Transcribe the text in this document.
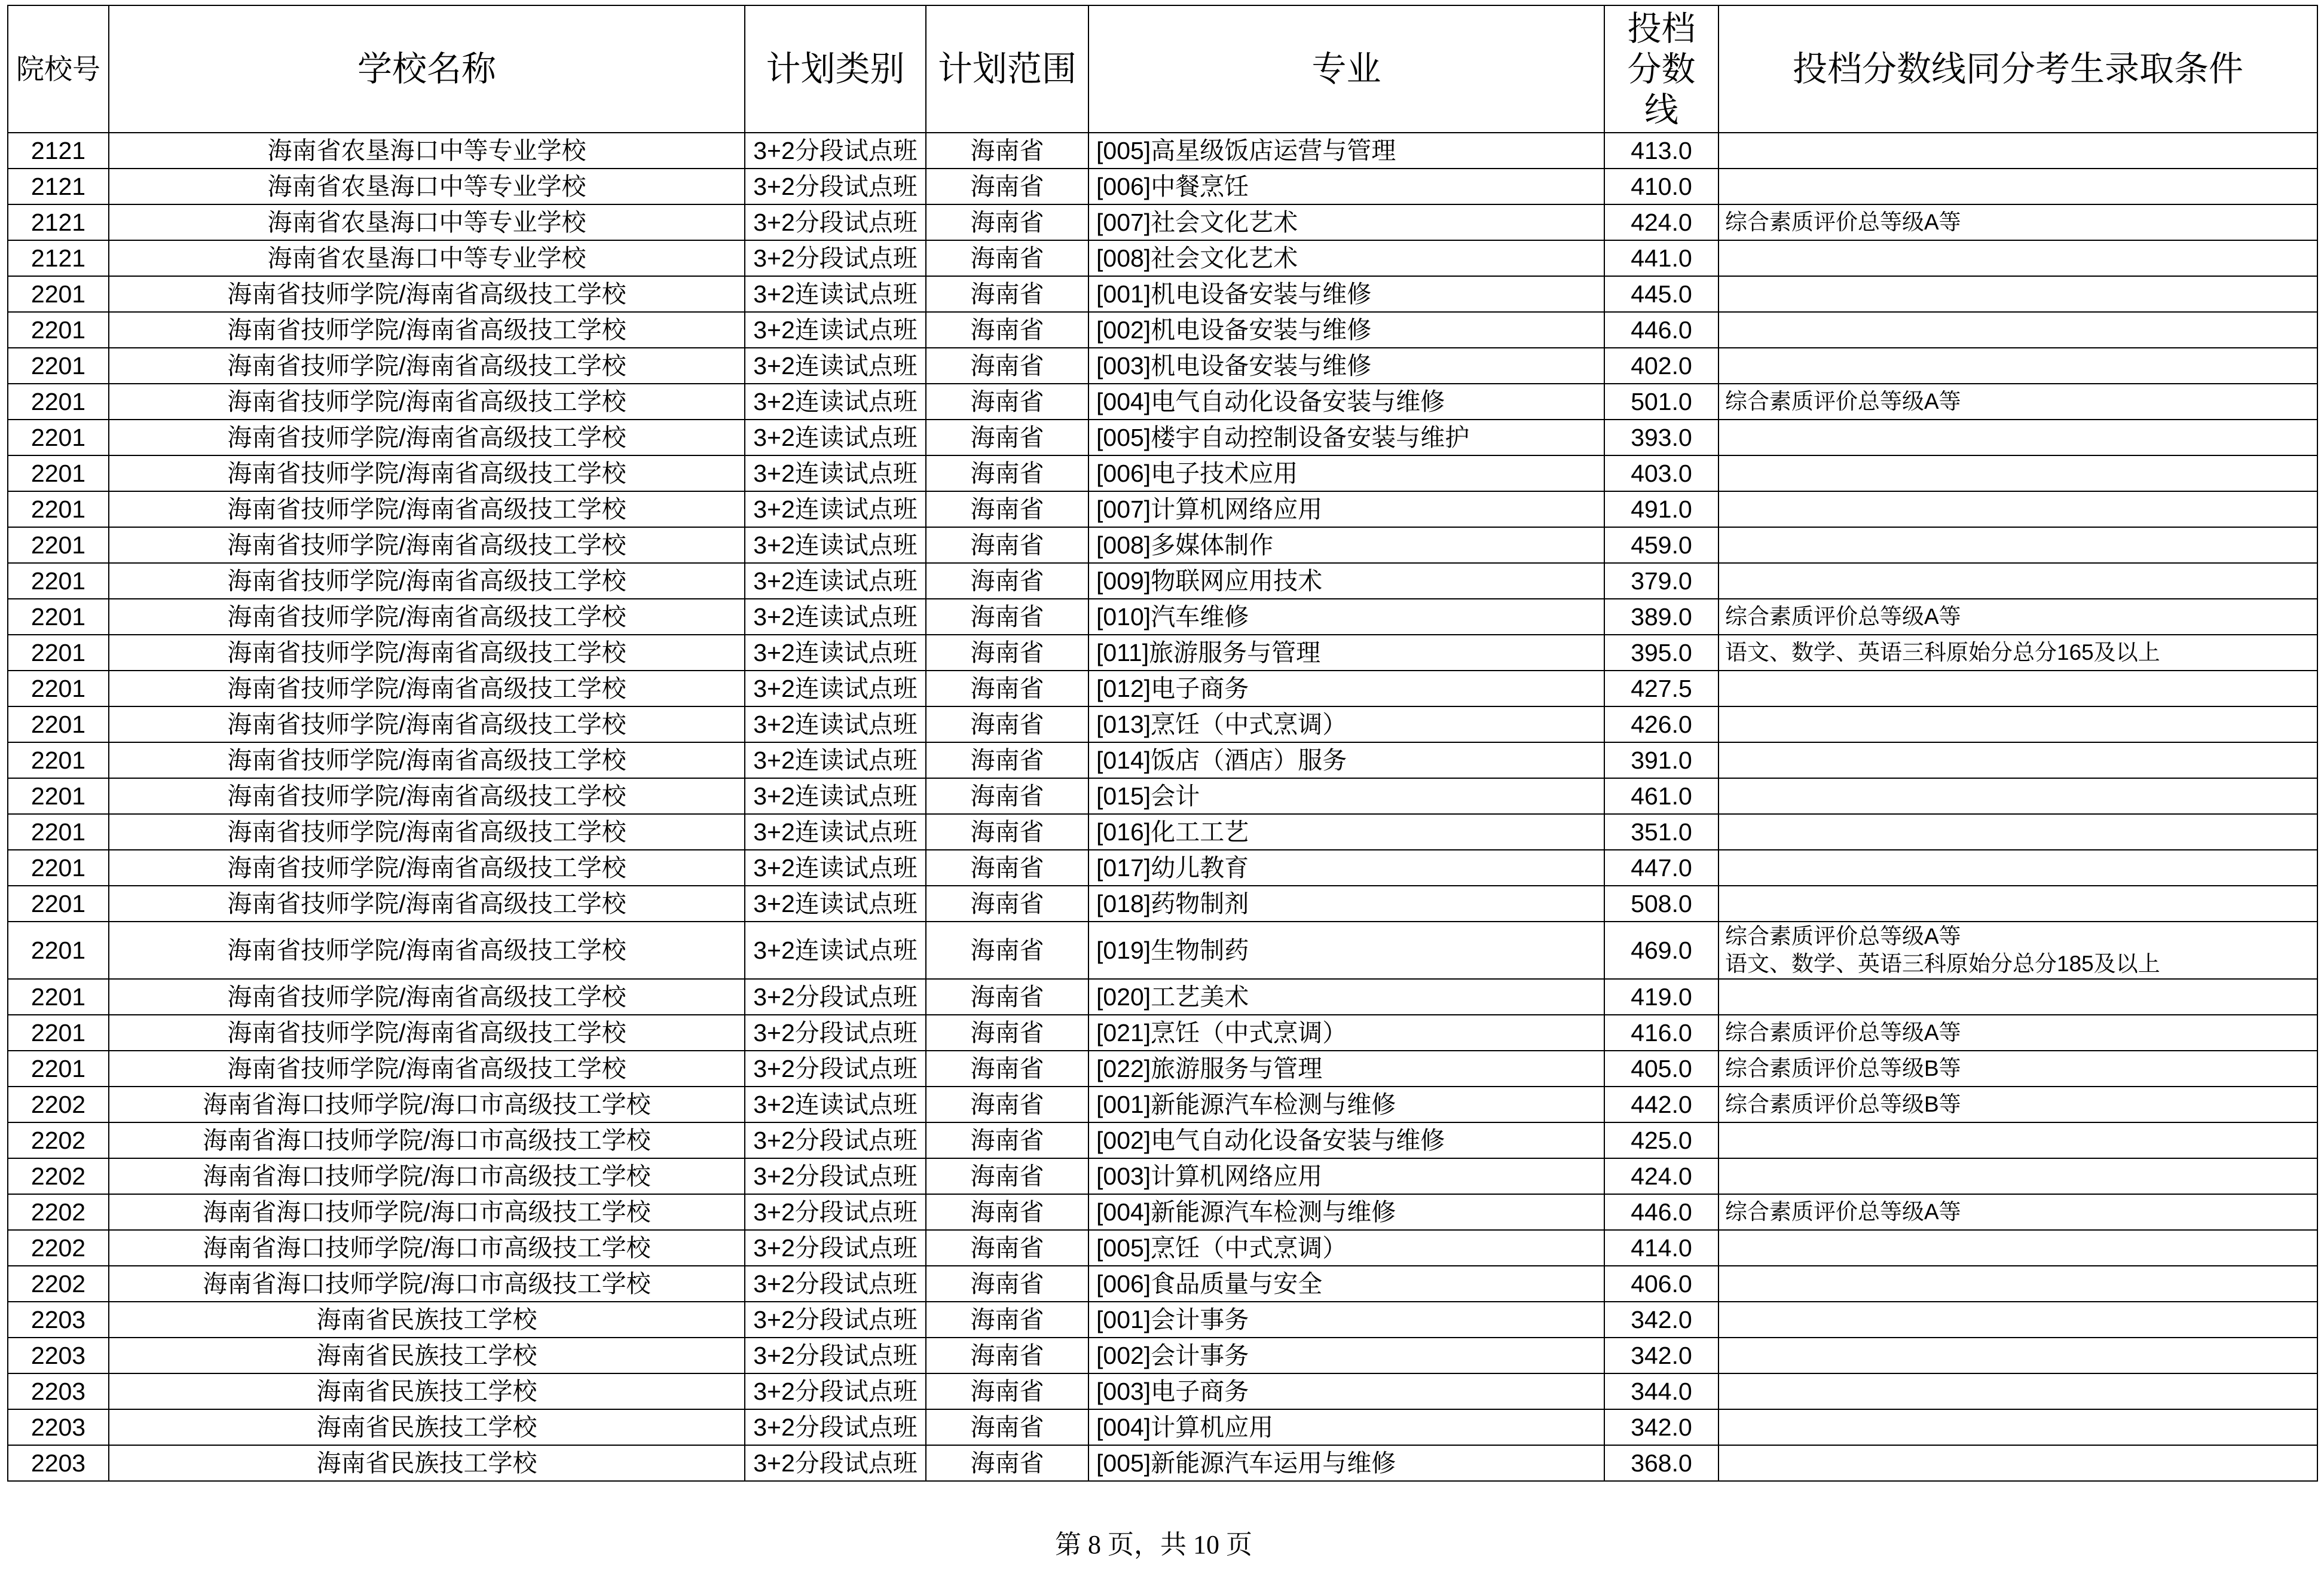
院校号	学校名称	计划类别	计划范围	专业	投档分数线	投档分数线同分考生录取条件
2121	海南省农垦海口中等专业学校	3+2分段试点班	海南省	[005]高星级饭店运营与管理	413.0	
2121	海南省农垦海口中等专业学校	3+2分段试点班	海南省	[006]中餐烹饪	410.0	
2121	海南省农垦海口中等专业学校	3+2分段试点班	海南省	[007]社会文化艺术	424.0	综合素质评价总等级A等

2121	海南省农垦海口中等专业学校	3+2分段试点班	海南省	[008]社会文化艺术	441.0	
2201	海南省技师学院/海南省高级技工学校	3+2连读试点班	海南省	[001]机电设备安装与维修	445.0	
2201	海南省技师学院/海南省高级技工学校	3+2连读试点班	海南省	[002]机电设备安装与维修	446.0	
2201	海南省技师学院/海南省高级技工学校	3+2连读试点班	海南省	[003]机电设备安装与维修	402.0	
2201	海南省技师学院/海南省高级技工学校	3+2连读试点班	海南省	[004]电气自动化设备安装与维修	501.0	综合素质评价总等级A等

2201	海南省技师学院/海南省高级技工学校	3+2连读试点班	海南省	[005]楼宇自动控制设备安装与维护	393.0	
2201	海南省技师学院/海南省高级技工学校	3+2连读试点班	海南省	[006]电子技术应用	403.0	
2201	海南省技师学院/海南省高级技工学校	3+2连读试点班	海南省	[007]计算机网络应用	491.0	
2201	海南省技师学院/海南省高级技工学校	3+2连读试点班	海南省	[008]多媒体制作	459.0	
2201	海南省技师学院/海南省高级技工学校	3+2连读试点班	海南省	[009]物联网应用技术	379.0	
2201	海南省技师学院/海南省高级技工学校	3+2连读试点班	海南省	[010]汽车维修	389.0	综合素质评价总等级A等

2201	海南省技师学院/海南省高级技工学校	3+2连读试点班	海南省	[011]旅游服务与管理	395.0	语文、数学、英语三科原始分总分165及以上

2201	海南省技师学院/海南省高级技工学校	3+2连读试点班	海南省	[012]电子商务	427.5	
2201	海南省技师学院/海南省高级技工学校	3+2连读试点班	海南省	[013]烹饪（中式烹调）	426.0	
2201	海南省技师学院/海南省高级技工学校	3+2连读试点班	海南省	[014]饭店（酒店）服务	391.0	
2201	海南省技师学院/海南省高级技工学校	3+2连读试点班	海南省	[015]会计	461.0	
2201	海南省技师学院/海南省高级技工学校	3+2连读试点班	海南省	[016]化工工艺	351.0	
2201	海南省技师学院/海南省高级技工学校	3+2连读试点班	海南省	[017]幼儿教育	447.0	
2201	海南省技师学院/海南省高级技工学校	3+2连读试点班	海南省	[018]药物制剂	508.0	
2201	海南省技师学院/海南省高级技工学校	3+2连读试点班	海南省	[019]生物制药	469.0	综合素质评价总等级A等
语文、数学、英语三科原始分总分185及以上

2201	海南省技师学院/海南省高级技工学校	3+2分段试点班	海南省	[020]工艺美术	419.0	
2201	海南省技师学院/海南省高级技工学校	3+2分段试点班	海南省	[021]烹饪（中式烹调）	416.0	综合素质评价总等级A等

2201	海南省技师学院/海南省高级技工学校	3+2分段试点班	海南省	[022]旅游服务与管理	405.0	综合素质评价总等级B等

2202	海南省海口技师学院/海口市高级技工学校	3+2连读试点班	海南省	[001]新能源汽车检测与维修	442.0	综合素质评价总等级B等

2202	海南省海口技师学院/海口市高级技工学校	3+2分段试点班	海南省	[002]电气自动化设备安装与维修	425.0	
2202	海南省海口技师学院/海口市高级技工学校	3+2分段试点班	海南省	[003]计算机网络应用	424.0	
2202	海南省海口技师学院/海口市高级技工学校	3+2分段试点班	海南省	[004]新能源汽车检测与维修	446.0	综合素质评价总等级A等

2202	海南省海口技师学院/海口市高级技工学校	3+2分段试点班	海南省	[005]烹饪（中式烹调）	414.0	
2202	海南省海口技师学院/海口市高级技工学校	3+2分段试点班	海南省	[006]食品质量与安全	406.0	
2203	海南省民族技工学校	3+2分段试点班	海南省	[001]会计事务	342.0	
2203	海南省民族技工学校	3+2分段试点班	海南省	[002]会计事务	342.0	
2203	海南省民族技工学校	3+2分段试点班	海南省	[003]电子商务	344.0	
2203	海南省民族技工学校	3+2分段试点班	海南省	[004]计算机应用	342.0	
2203	海南省民族技工学校	3+2分段试点班	海南省	[005]新能源汽车运用与维修	368.0	
第 8 页，共 10 页
